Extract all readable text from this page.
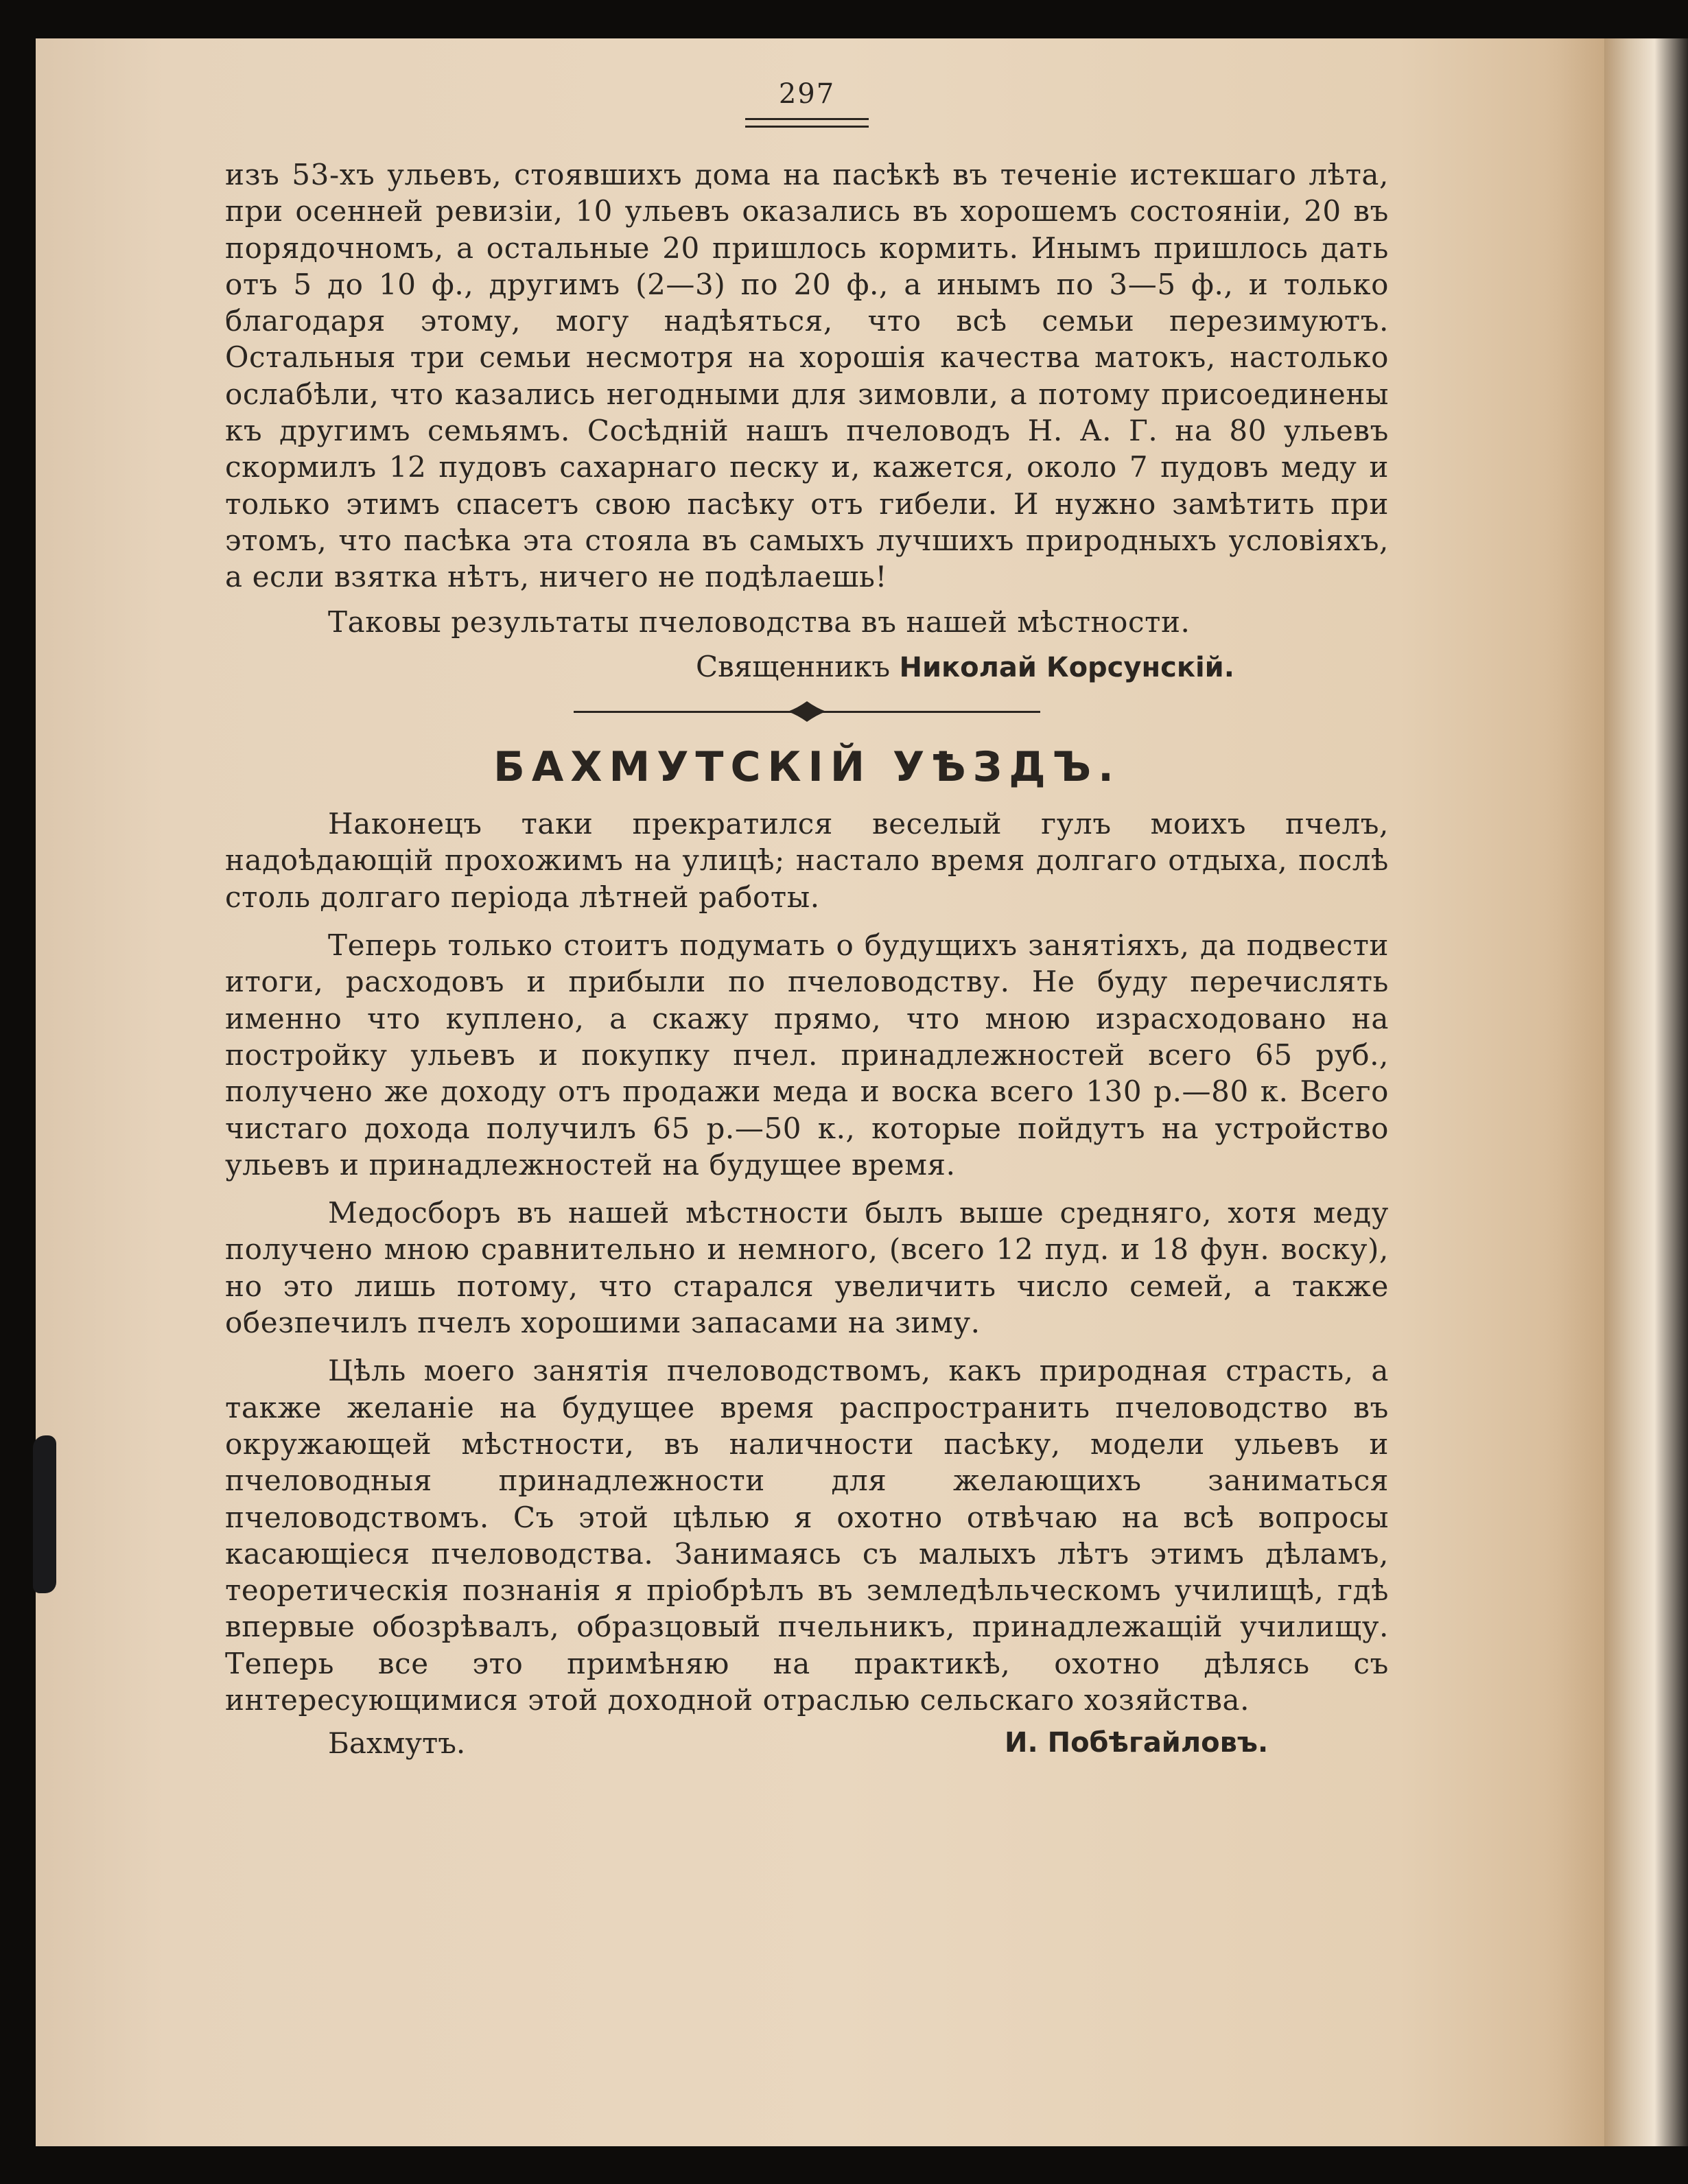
297

изъ 53-хъ ульевъ, стоявшихъ дома на пасѣкѣ въ теченіе истекшаго лѣта, при осенней ревизіи, 10 ульевъ оказались въ хорошемъ состояніи, 20 въ порядочномъ, а остальные 20 пришлось кормить. Инымъ пришлось дать отъ 5 до 10 ф., другимъ (2—3) по 20 ф., а инымъ по 3—5 ф., и только благодаря этому, могу надѣяться, что всѣ семьи перезимуютъ. Остальныя три семьи несмотря на хорошія качества матокъ, настолько ослабѣли, что казались негодными для зимовли, а потому присоединены къ другимъ семьямъ. Сосѣдній нашъ пчеловодъ Н. А. Г. на 80 ульевъ скормилъ 12 пудовъ сахарнаго песку и, кажется, около 7 пудовъ меду и только этимъ спасетъ свою пасѣку отъ гибели. И нужно замѣтить при этомъ, что пасѣка эта стояла въ самыхъ лучшихъ природныхъ условіяхъ, а если взятка нѣтъ, ничего не подѣлаешь!

Таковы результаты пчеловодства въ нашей мѣстности.

Священникъ Николай Корсунскій.
БАХМУТСКІЙ УѢЗДЪ.

Наконецъ таки прекратился веселый гулъ моихъ пчелъ, надоѣдающій прохожимъ на улицѣ; настало время долгаго отдыха, послѣ столь долгаго періода лѣтней работы.

Теперь только стоитъ подумать о будущихъ занятіяхъ, да подвести итоги, расходовъ и прибыли по пчеловодству. Не буду перечислять именно что куплено, а скажу прямо, что мною израсходовано на постройку ульевъ и покупку пчел. принадлежностей всего 65 руб., получено же доходу отъ продажи меда и воска всего 130 р.—80 к. Всего чистаго дохода получилъ 65 р.—50 к., которые пойдутъ на устройство ульевъ и принадлежностей на будущее время.

Медосборъ въ нашей мѣстности былъ выше средняго, хотя меду получено мною сравнительно и немного, (всего 12 пуд. и 18 фун. воску), но это лишь потому, что старался увеличить число семей, а также обезпечилъ пчелъ хорошими запасами на зиму.

Цѣль моего занятія пчеловодствомъ, какъ природная страсть, а также желаніе на будущее время распространить пчеловодство въ окружающей мѣстности, въ наличности пасѣку, модели ульевъ и пчеловодныя принадлежности для желающихъ заниматься пчеловодствомъ. Съ этой цѣлью я охотно отвѣчаю на всѣ вопросы касающіеся пчеловодства. Занимаясь съ малыхъ лѣтъ этимъ дѣламъ, теоретическія познанія я пріобрѣлъ въ земледѣльческомъ училищѣ, гдѣ впервые обозрѣвалъ, образцовый пчельникъ, принадлежащій училищу. Теперь все это примѣняю на практикѣ, охотно дѣлясь съ интересующимися этой доходной отраслью сельскаго хозяйства.

Бахмутъ.	И. Побѣгайловъ.
